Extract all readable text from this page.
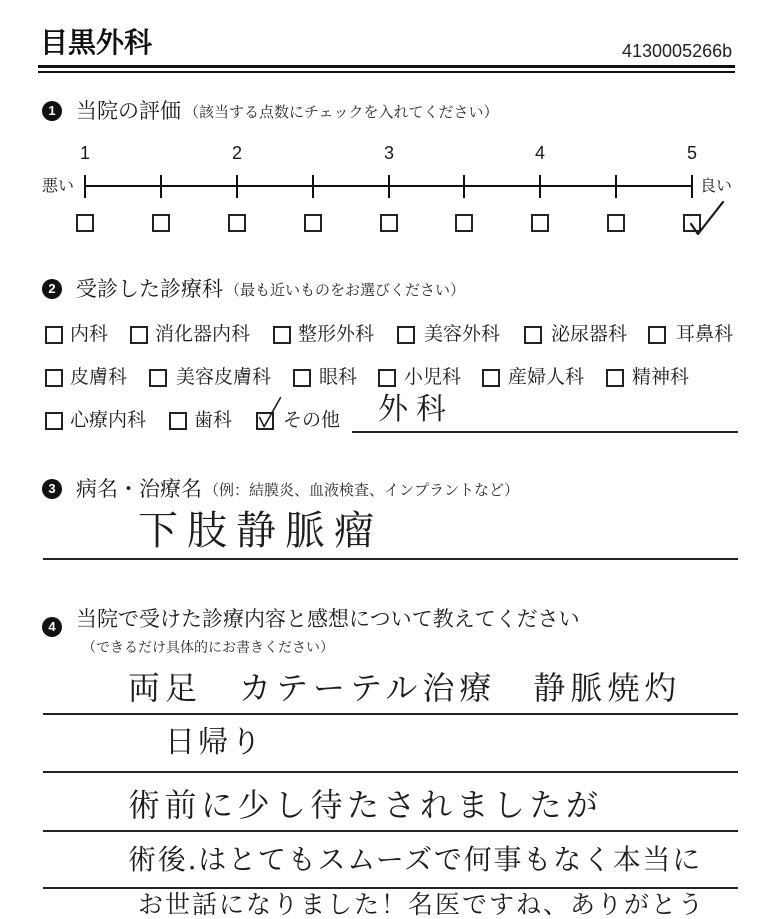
目黒外科	4130005266b
1 当院の評価 （該当する点数にチェックを入れてください）
1	2	3	4	5
悪い	良い
2 受診した診療科 （最も近いものをお選びください）
内科 消化器内科	整形外科	美容外科	泌尿器科	耳鼻科
皮膚科	美容皮膚科	眼科 小児科 産婦人科	精神科
心療内科	歯科	その他 外科
3 病名・治療名 （例：結膜炎、血液検査、インプラントなど）
下肢静脈瘤
4 当院で受けた診療内容と感想について教えてください
（できるだけ具体的にお書きください）
両足　カテーテル治療　静脈焼灼
日帰り
術前に少し待たされましたが
術後.はとてもスムーズで何事もなく本当に
お世話になりました！名医ですね、ありがとう
